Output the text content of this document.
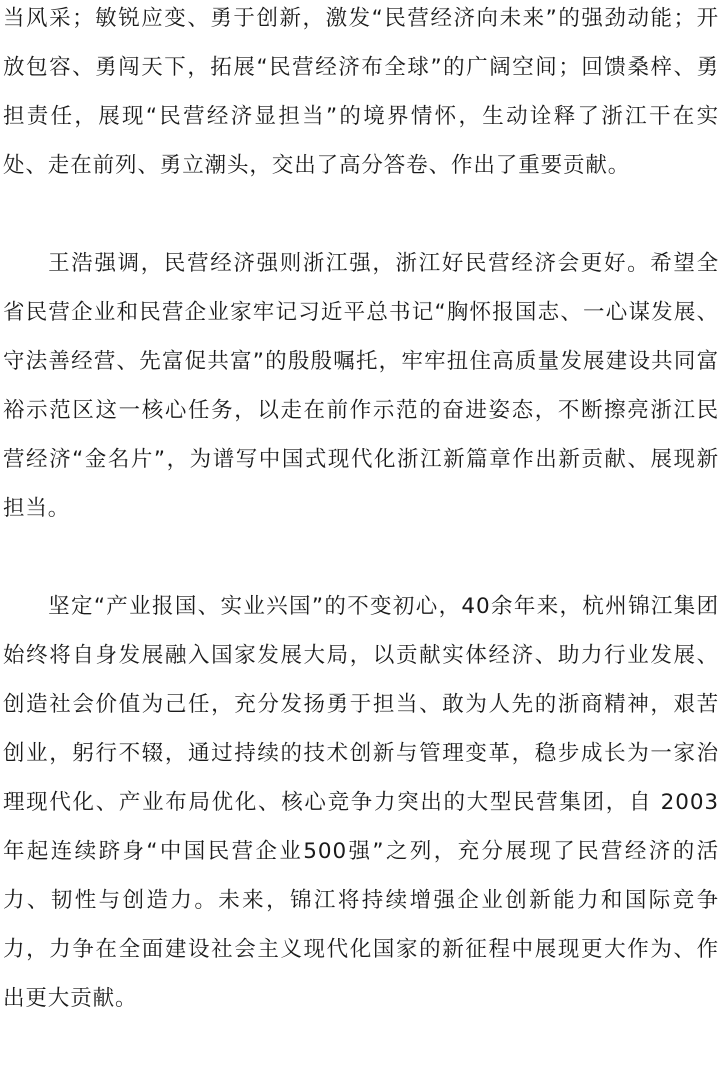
当风采；敏锐应变、勇于创新，激发“民营经济向未来”的强劲动能；开放包容、勇闯天下，拓展“民营经济布全球”的广阔空间；回馈桑梓、勇担责任，展现“民营经济显担当”的境界情怀，生动诠释了浙江干在实处、走在前列、勇立潮头，交出了高分答卷、作出了重要贡献。

王浩强调，民营经济强则浙江强，浙江好民营经济会更好。希望全省民营企业和民营企业家牢记习近平总书记“胸怀报国志、一心谋发展、守法善经营、先富促共富”的殷殷嘱托，牢牢扭住高质量发展建设共同富裕示范区这一核心任务，以走在前作示范的奋进姿态，不断擦亮浙江民营经济“金名片”，为谱写中国式现代化浙江新篇章作出新贡献、展现新担当。

坚定“产业报国、实业兴国”的不变初心，40余年来，杭州锦江集团始终将自身发展融入国家发展大局，以贡献实体经济、助力行业发展、创造社会价值为己任，充分发扬勇于担当、敢为人先的浙商精神，艰苦创业，躬行不辍，通过持续的技术创新与管理变革，稳步成长为一家治理现代化、产业布局优化、核心竞争力突出的大型民营集团，自 2003 年起连续跻身“中国民营企业500强”之列，充分展现了民营经济的活力、韧性与创造力。未来，锦江将持续增强企业创新能力和国际竞争力，力争在全面建设社会主义现代化国家的新征程中展现更大作为、作出更大贡献。
